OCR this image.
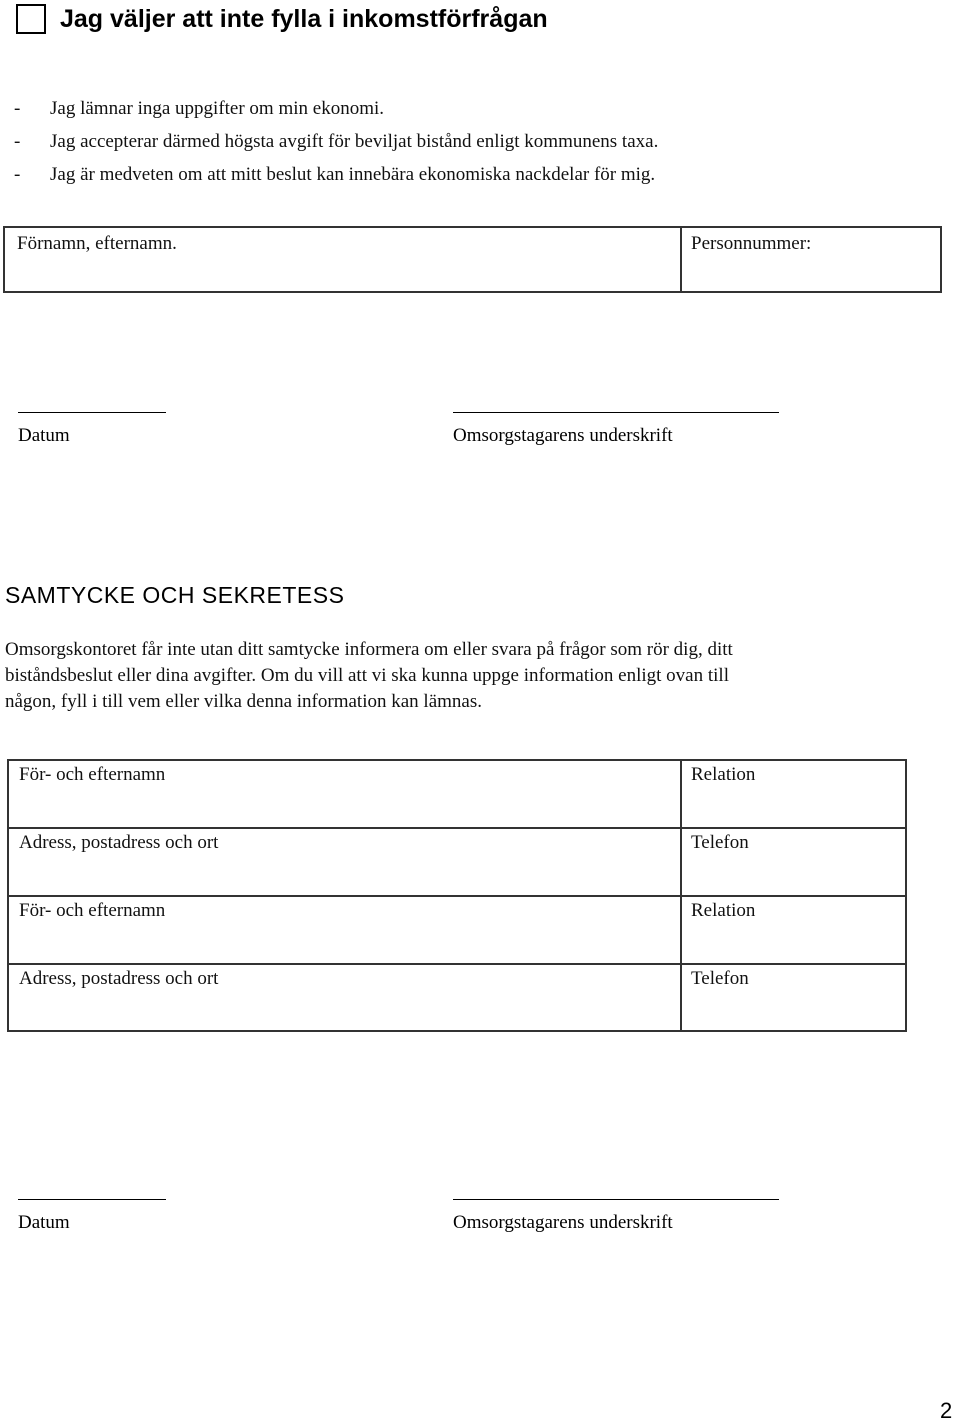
Jag väljer att inte fylla i inkomstförfrågan
- Jag lämnar inga uppgifter om min ekonomi.
- Jag accepterar därmed högsta avgift för beviljat bistånd enligt kommunens taxa.
- Jag är medveten om att mitt beslut kan innebära ekonomiska nackdelar för mig.
Förnamn, efternamn.	Personnummer:
Datum	Omsorgstagarens underskrift
SAMTYCKE OCH SEKRETESS
Omsorgskontoret får inte utan ditt samtycke informera om eller svara på frågor som rör dig, ditt
biståndsbeslut eller dina avgifter. Om du vill att vi ska kunna uppge information enligt ovan till
någon, fyll i till vem eller vilka denna information kan lämnas.
För- och efternamn	Relation
Adress, postadress och ort	Telefon
För- och efternamn	Relation
Adress, postadress och ort	Telefon
Datum	Omsorgstagarens underskrift
2
